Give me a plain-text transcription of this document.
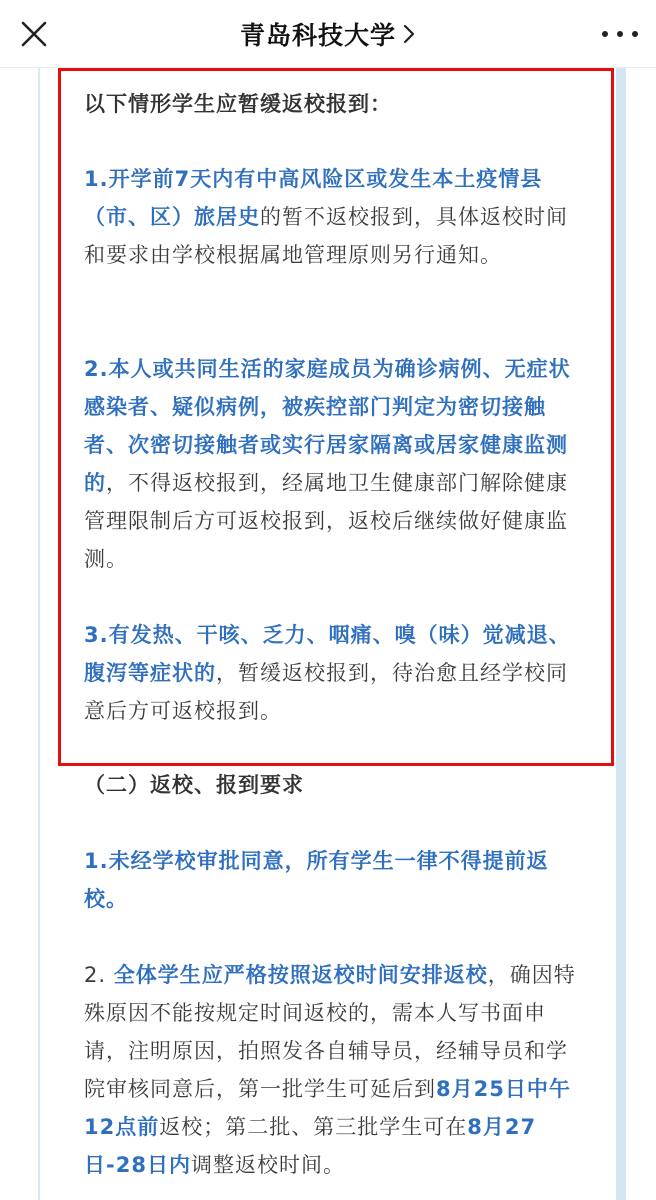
青岛科技大学
以下情形学生应暂缓返校报到：
1.开学前7天内有中高风险区或发生本土疫情县（市、区）旅居史的暂不返校报到，具体返校时间和要求由学校根据属地管理原则另行通知。
2.本人或共同生活的家庭成员为确诊病例、无症状感染者、疑似病例，被疾控部门判定为密切接触者、次密切接触者或实行居家隔离或居家健康监测的，不得返校报到，经属地卫生健康部门解除健康管理限制后方可返校报到，返校后继续做好健康监测。
3.有发热、干咳、乏力、咽痛、嗅（味）觉减退、腹泻等症状的，暂缓返校报到，待治愈且经学校同意后方可返校报到。
（二）返校、报到要求
1.未经学校审批同意，所有学生一律不得提前返校。
2. 全体学生应严格按照返校时间安排返校，确因特殊原因不能按规定时间返校的，需本人写书面申请，注明原因，拍照发各自辅导员，经辅导员和学院审核同意后，第一批学生可延后到8月25日中午12点前返校；第二批、第三批学生可在8月27日-28日内调整返校时间。
